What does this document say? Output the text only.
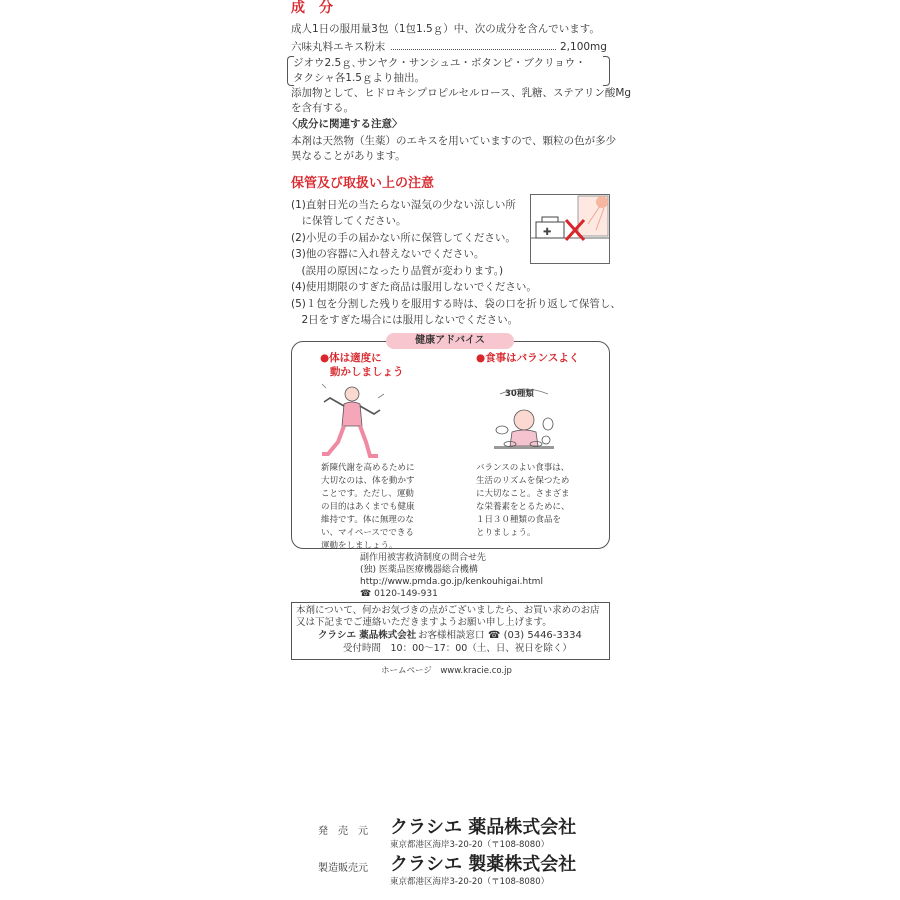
成　分
成人1日の服用量3包（1包1.5ｇ）中、次の成分を含んでいます。
六味丸料エキス粉末	2,100mg
ジオウ2.5ｇ､サンヤク・サンシュユ・ボタンピ・ブクリョウ・
タクシャ各1.5ｇより抽出。
添加物として、ヒドロキシプロピルセルロース、乳糖、ステアリン酸Mg
を含有する。
〈成分に関連する注意〉
本剤は天然物（生薬）のエキスを用いていますので、顆粒の色が多少
異なることがあります。
保管及び取扱い上の注意
(1)直射日光の当たらない湿気の少ない涼しい所
　に保管してください。
(2)小児の手の届かない所に保管してください。
(3)他の容器に入れ替えないでください。
　(誤用の原因になったり品質が変わります。)
(4)使用期限のすぎた商品は服用しないでください。
(5)１包を分割した残りを服用する時は、袋の口を折り返して保管し、
　2日をすぎた場合には服用しないでください。
✚
健康アドバイス
●体は適度に
動かしましょう
●食事はバランスよく
30種類
新陳代謝を高めるために
大切なのは、体を動かす
ことです。ただし、運動
の目的はあくまでも健康
維持です。体に無理のな
い、マイペースでできる
運動をしましょう。
バランスのよい食事は、
生活のリズムを保つため
に大切なこと。さまざま
な栄養素をとるために、
１日３０種類の食品を
とりましょう。
副作用被害救済制度の問合せ先
(独) 医薬品医療機器総合機構
http://www.pmda.go.jp/kenkouhigai.html
☎ 0120-149-931
本剤について、何かお気づきの点がございましたら、お買い求めのお店
又は下記までご連絡いただきますようお願い申し上げます。
クラシエ 薬品株式会社 お客様相談窓口 ☎ (03) 5446-3334
受付時間　10：00〜17：00（土、日、祝日を除く）
ホームページ　www.kracie.co.jp
発　売　元 クラシエ 薬品株式会社
東京都港区海岸3-20-20（〒108-8080）
製造販売元 クラシエ 製薬株式会社
東京都港区海岸3-20-20（〒108-8080）
